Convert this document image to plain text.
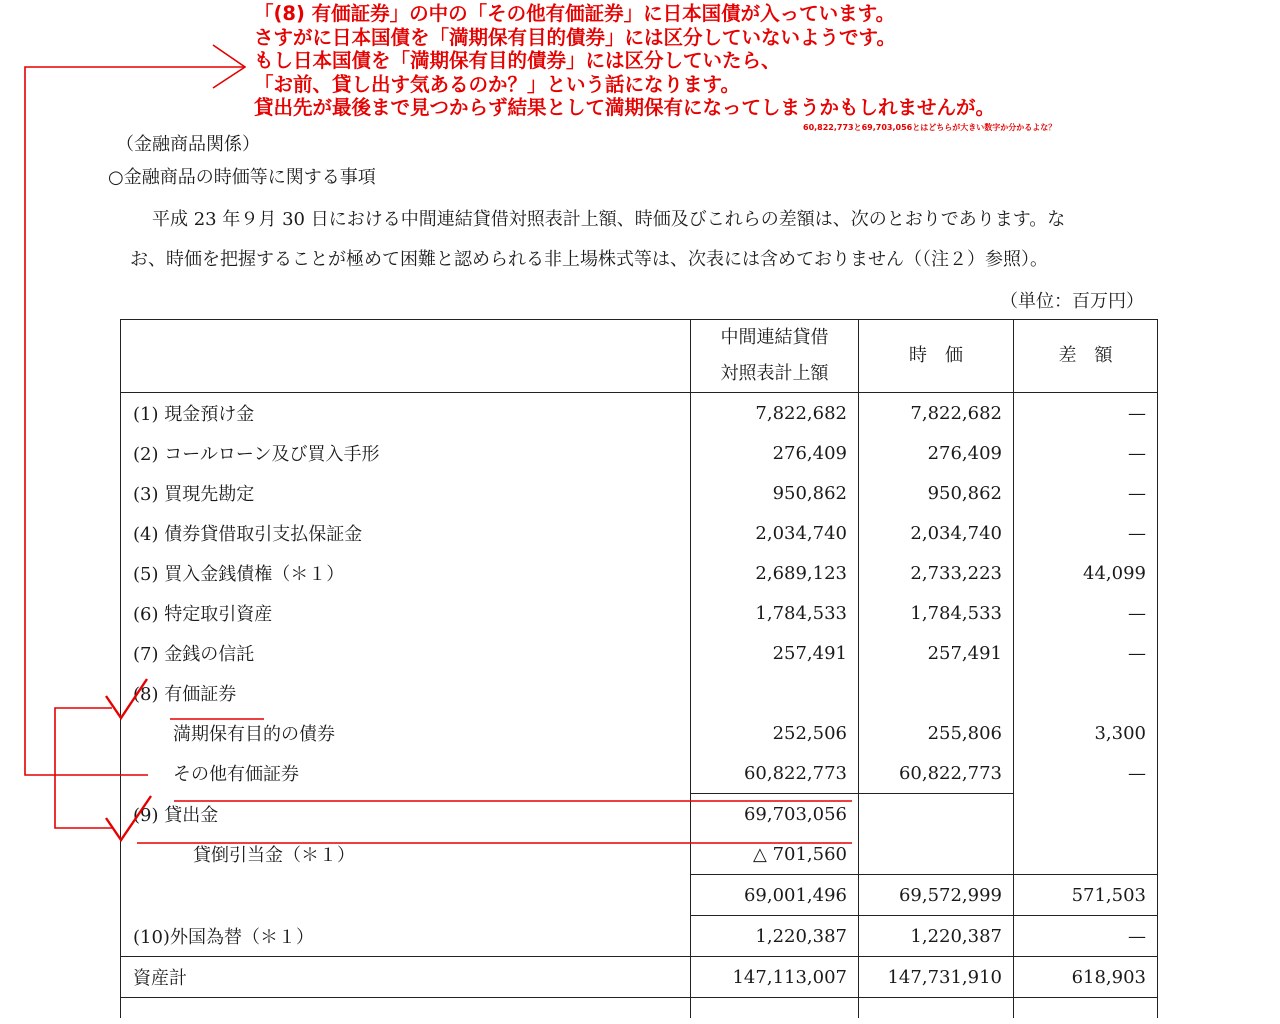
「(8) 有価証券」の中の「その他有価証券」に日本国債が入っています。
さすがに日本国債を「満期保有目的債券」には区分していないようです。
もし日本国債を「満期保有目的債券」には区分していたら、
「お前、貸し出す気あるのか？」という話になります。
貸出先が最後まで見つからず結果として満期保有になってしまうかもしれませんが。
60,822,773と69,703,056とはどちらが大きい数字か分かるよな？
（金融商品関係）
○金融商品の時価等に関する事項
平成 23 年９月 30 日における中間連結貸借対照表計上額、時価及びこれらの差額は、次のとおりであります。な
お、時価を把握することが極めて困難と認められる非上場株式等は、次表には含めておりません（（注２）参照）。
（単位：百万円）

	中間連結貸借
対照表計上額	時　価	差　額
(1) 現金預け金	7,822,682	7,822,682	—
(2) コールローン及び買入手形	276,409	276,409	—
(3) 買現先勘定	950,862	950,862	—
(4) 債券貸借取引支払保証金	2,034,740	2,034,740	—
(5) 買入金銭債権（＊１）	2,689,123	2,733,223	44,099
(6) 特定取引資産	1,784,533	1,784,533	—
(7) 金銭の信託	257,491	257,491	—
(8) 有価証券			
満期保有目的の債券	252,506	255,806	3,300
その他有価証券	60,822,773	60,822,773	—
(9) 貸出金	69,703,056		
貸倒引当金（＊１）	△ 701,560		
	69,001,496	69,572,999	571,503
(10)外国為替（＊１）	1,220,387	1,220,387	—
資産計	147,113,007	147,731,910	618,903
